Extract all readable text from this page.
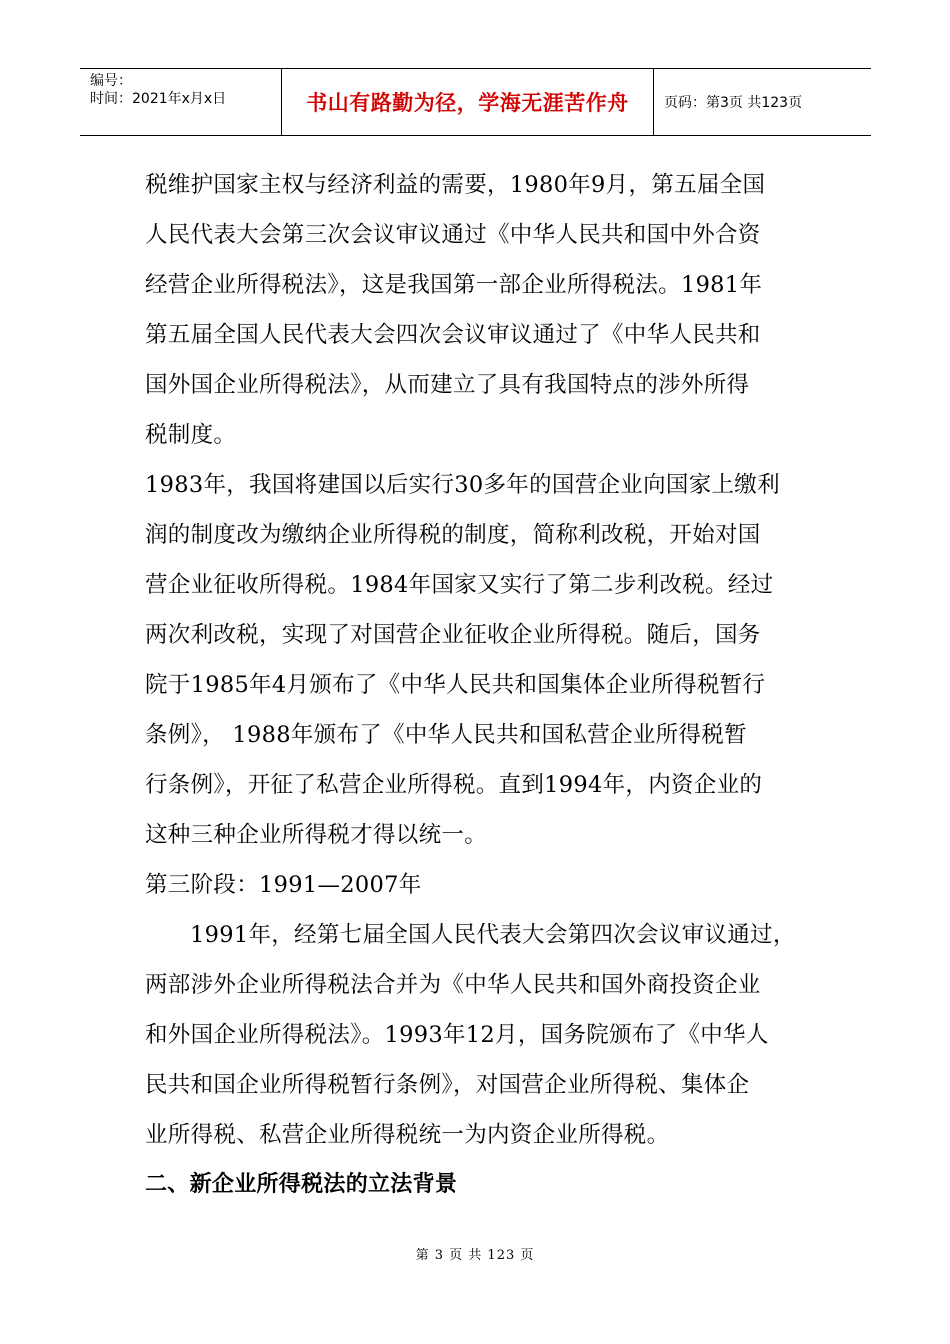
编号：
时间：2021年x月x日	书山有路勤为径，学海无涯苦作舟	页码：第3页 共123页

税维护国家主权与经济利益的需要，1980年9月，第五届全国

人民代表大会第三次会议审议通过《中华人民共和国中外合资

经营企业所得税法》，这是我国第一部企业所得税法。1981年

第五届全国人民代表大会四次会议审议通过了《中华人民共和

国外国企业所得税法》，从而建立了具有我国特点的涉外所得

税制度。

1983年，我国将建国以后实行30多年的国营企业向国家上缴利

润的制度改为缴纳企业所得税的制度，简称利改税，开始对国

营企业征收所得税。1984年国家又实行了第二步利改税。经过

两次利改税，实现了对国营企业征收企业所得税。随后，国务

院于1985年4月颁布了《中华人民共和国集体企业所得税暂行

条例》， 1988年颁布了《中华人民共和国私营企业所得税暂

行条例》，开征了私营企业所得税。直到1994年，内资企业的

这种三种企业所得税才得以统一。

第三阶段：1991—2007年

1991年，经第七届全国人民代表大会第四次会议审议通过，

两部涉外企业所得税法合并为《中华人民共和国外商投资企业

和外国企业所得税法》。1993年12月，国务院颁布了《中华人

民共和国企业所得税暂行条例》，对国营企业所得税、集体企

业所得税、私营企业所得税统一为内资企业所得税。

二、新企业所得税法的立法背景

第 3 页 共 123 页
